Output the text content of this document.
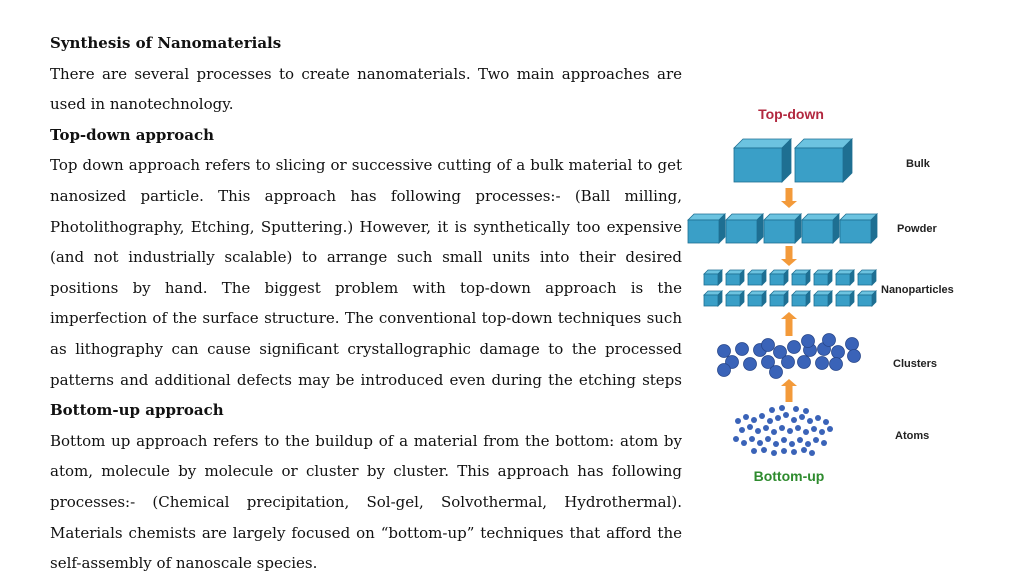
Synthesis of Nanomaterials

There are several processes to create nanomaterials. Two main approaches are used in nanotechnology.

Top-down approach

Top down approach refers to slicing or successive cutting of a bulk material to get nanosized particle. This approach has following processes:- (Ball milling, Photolithography, Etching, Sputtering.) However, it is synthetically too expensive (and not industrially scalable) to arrange such small units into their desired positions by hand. The biggest problem with top-down approach is the imperfection of the surface structure. The conventional top-down techniques such as lithography can cause significant crystallographic damage to the processed patterns and additional defects may be introduced even during the etching steps

Bottom-up approach

Bottom up approach refers to the buildup of a material from the bottom: atom by atom, molecule by molecule or cluster by cluster. This approach has following processes:- (Chemical precipitation, Sol-gel, Solvothermal, Hydrothermal). Materials chemists are largely focused on “bottom-up” techniques that afford the self-assembly of nanoscale species.

Top-down
Bulk
Powder
Nanoparticles
Clusters
Atoms
Bottom-up
